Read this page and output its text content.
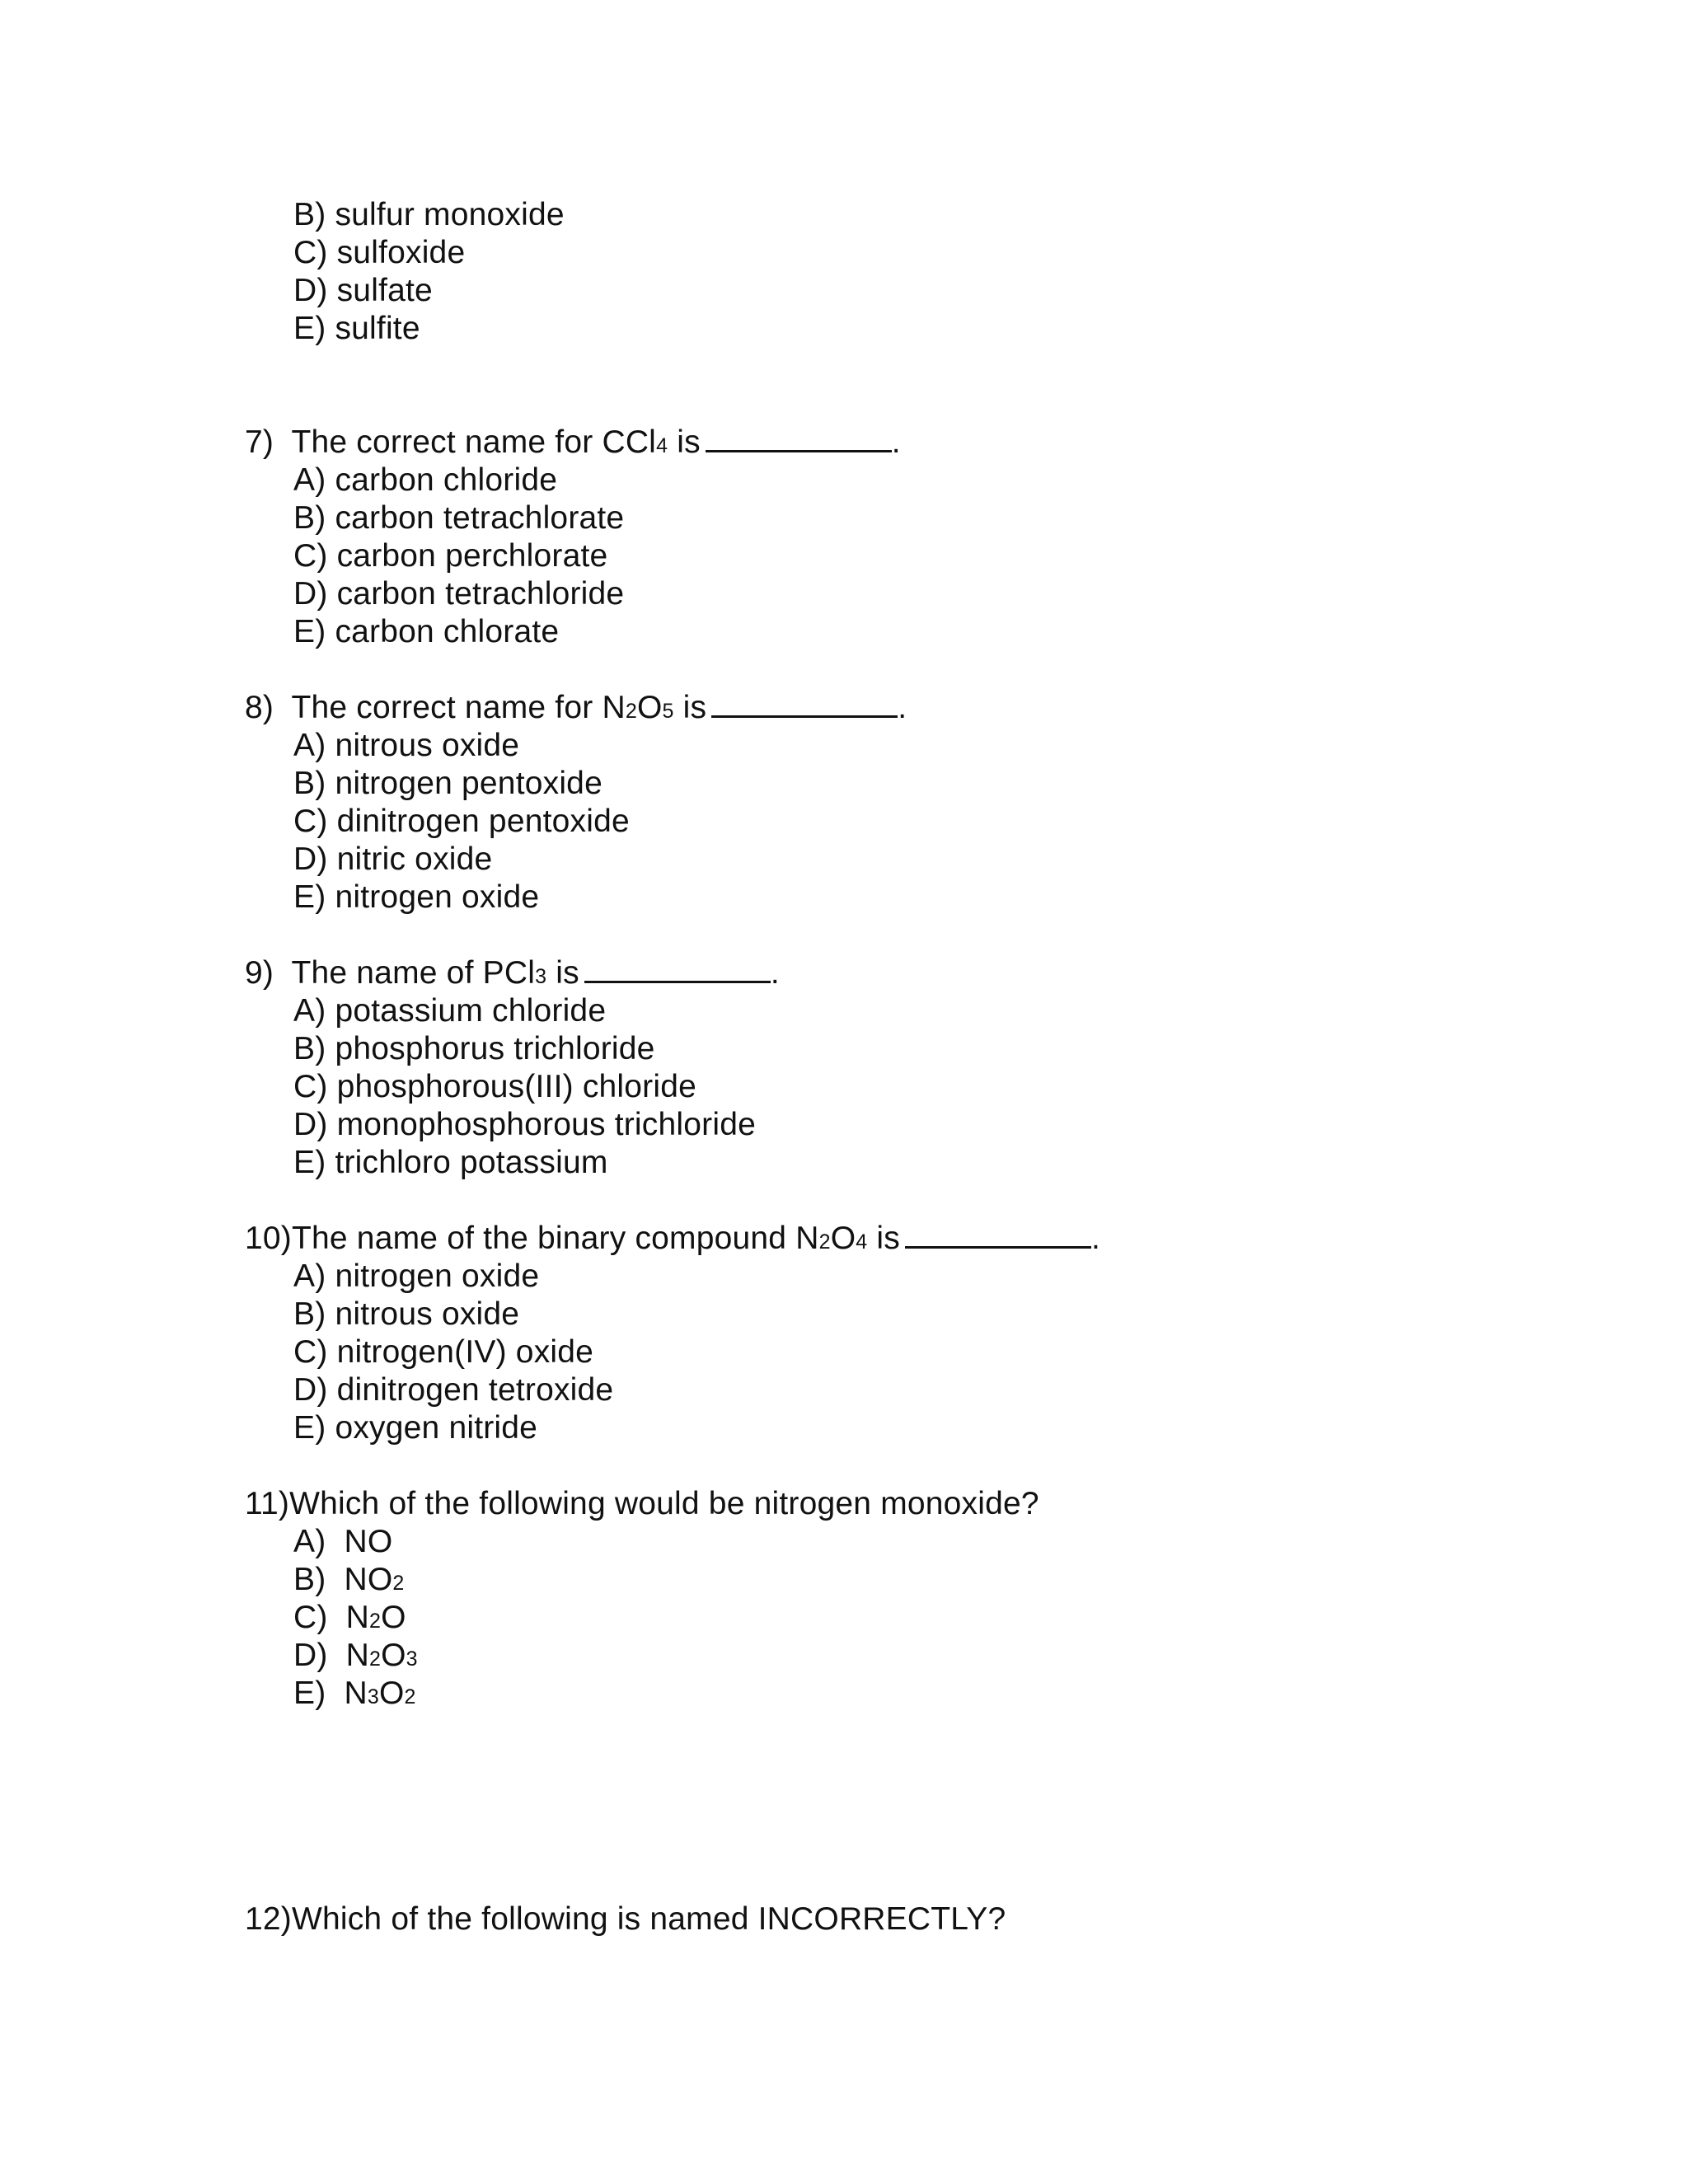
B) sulfur monoxide
C) sulfoxide
D) sulfate
E) sulfite
7) The correct name for CCl4 is	.
A) carbon chloride
B) carbon tetrachlorate
C) carbon perchlorate
D) carbon tetrachloride
E) carbon chlorate
8) The correct name for N2O5 is	.
A) nitrous oxide
B) nitrogen pentoxide
C) dinitrogen pentoxide
D) nitric oxide
E) nitrogen oxide
9) The name of PCl3 is	.
A) potassium chloride
B) phosphorus trichloride
C) phosphorous(III) chloride
D) monophosphorous trichloride
E) trichloro potassium
10)The name of the binary compound N2O4 is	.
A) nitrogen oxide
B) nitrous oxide
C) nitrogen(IV) oxide
D) dinitrogen tetroxide
E) oxygen nitride
11)Which of the following would be nitrogen monoxide?
A) NO
B) NO2
C) N2O
D) N2O3
E) N3O2
12)Which of the following is named INCORRECTLY?
